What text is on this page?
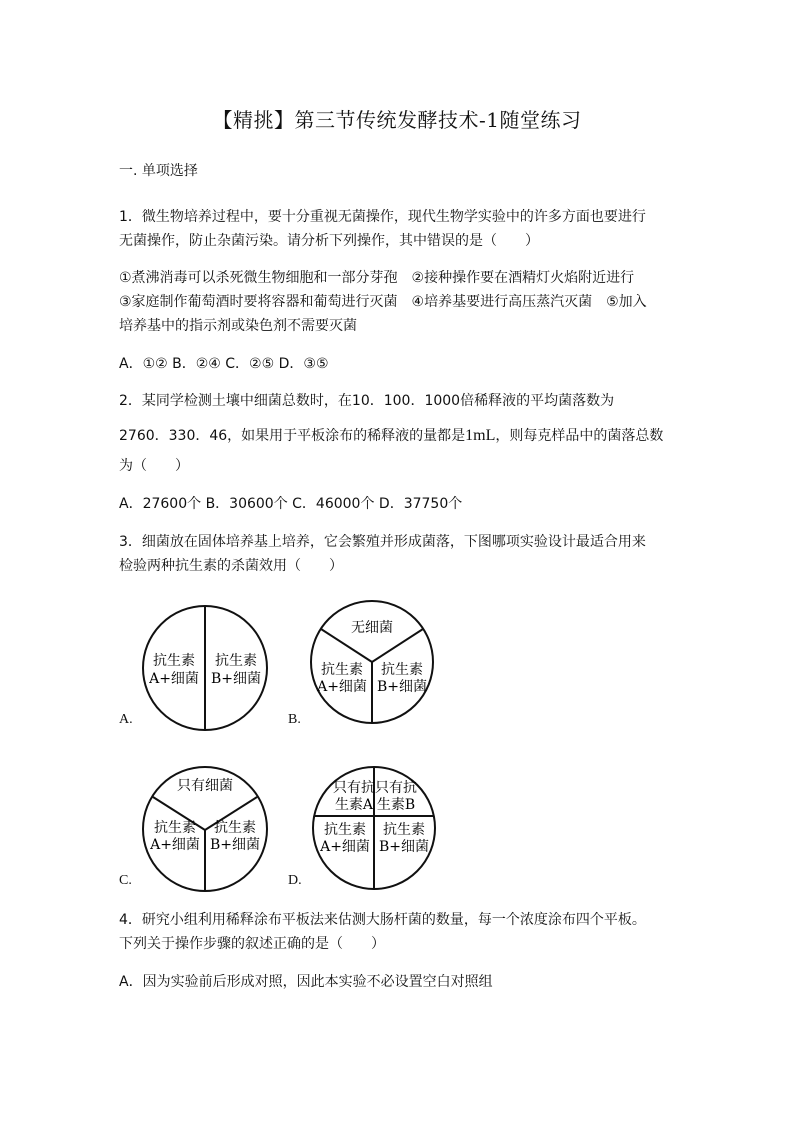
【精挑】第三节传统发酵技术-1随堂练习
一. 单项选择
1．微生物培养过程中，要十分重视无菌操作，现代生物学实验中的许多方面也要进行
无菌操作，防止杂菌污染。请分析下列操作，其中错误的是（　　）
①煮沸消毒可以杀死微生物细胞和一部分芽孢　②接种操作要在酒精灯火焰附近进行
③家庭制作葡萄酒时要将容器和葡萄进行灭菌　④培养基要进行高压蒸汽灭菌　⑤加入
培养基中的指示剂或染色剂不需要灭菌
A．①② B．②④ C．②⑤ D．③⑤
2．某同学检测土壤中细菌总数时，在10．100．1000倍稀释液的平均菌落数为
2760．330．46，如果用于平板涂布的稀释液的量都是1mL，则每克样品中的菌落总数
为（　　）
A．27600个 B．30600个 C．46000个 D．37750个
3．细菌放在固体培养基上培养，它会繁殖并形成菌落，下图哪项实验设计最适合用来
检验两种抗生素的杀菌效用（　　）
抗生素
A+细菌
抗生素
B+细菌
A.
无细菌
抗生素
A+细菌
抗生素
B+细菌
B.
只有细菌
抗生素
A+细菌
抗生素
B+细菌
C.
只有抗
生素A
只有抗
生素B
抗生素
A+细菌
抗生素
B+细菌
D.
4．研究小组利用稀释涂布平板法来估测大肠杆菌的数量，每一个浓度涂布四个平板。
下列关于操作步骤的叙述正确的是（　　）
A．因为实验前后形成对照，因此本实验不必设置空白对照组
